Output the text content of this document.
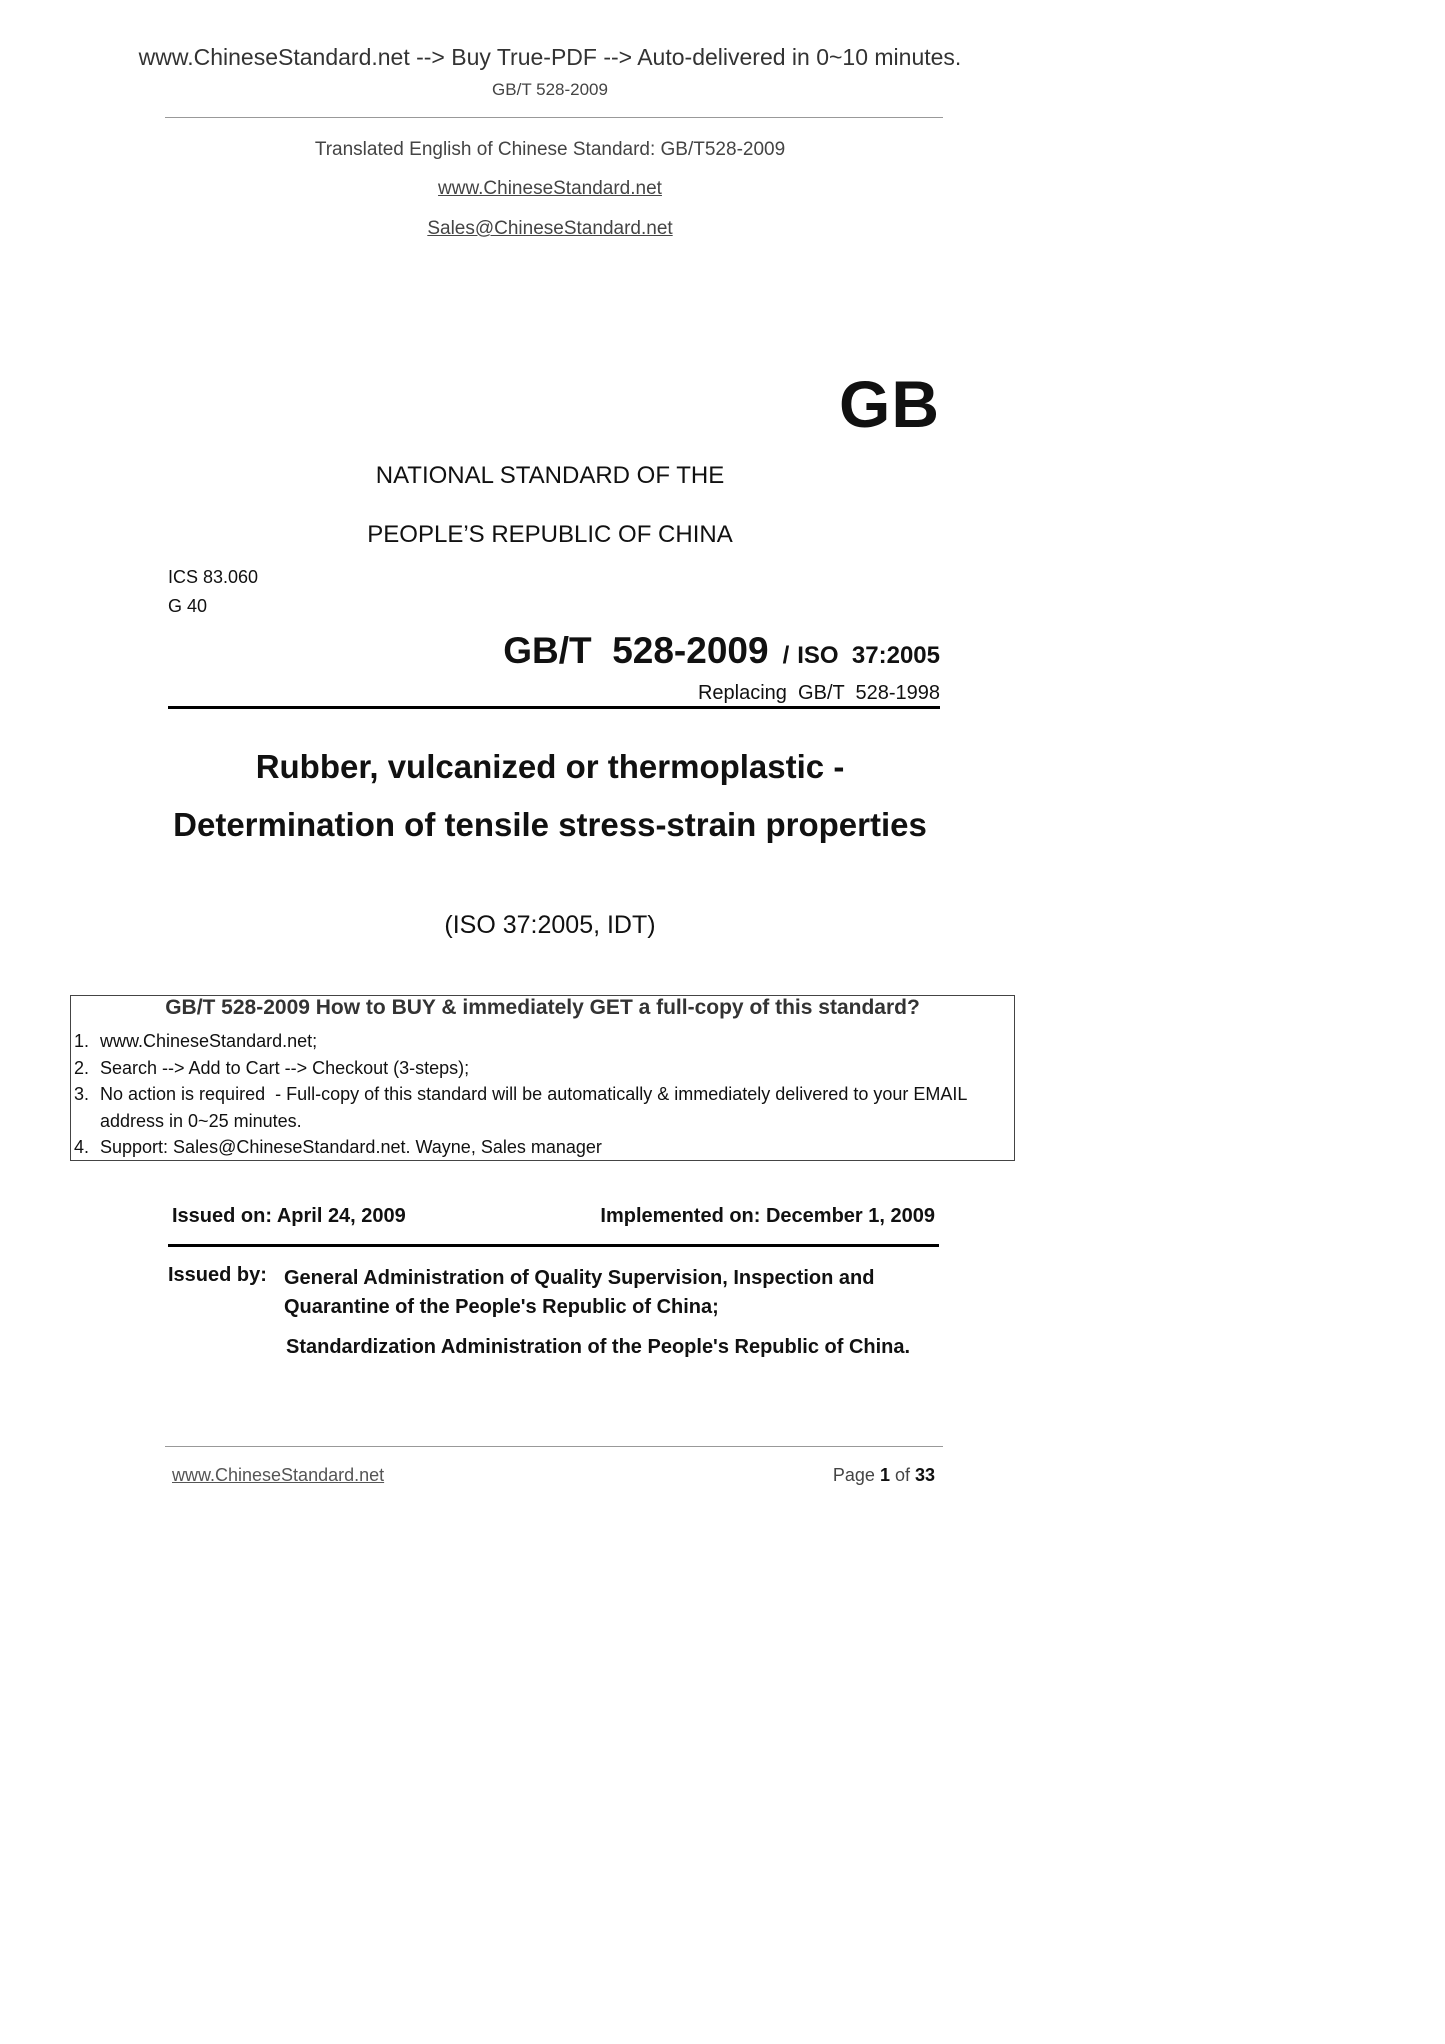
www.ChineseStandard.net --> Buy True-PDF --> Auto-delivered in 0~10 minutes.
GB/T 528-2009
Translated English of Chinese Standard: GB/T528-2009
www.ChineseStandard.net
Sales@ChineseStandard.net
GB
NATIONAL STANDARD OF THE
PEOPLE’S REPUBLIC OF CHINA
ICS 83.060
G 40
GB/T  528-2009 / ISO  37:2005
Replacing  GB/T  528-1998
Rubber, vulcanized or thermoplastic -
Determination of tensile stress-strain properties
(ISO 37:2005, IDT)
GB/T 528-2009 How to BUY & immediately GET a full-copy of this standard?
1. www.ChineseStandard.net;
2. Search --> Add to Cart --> Checkout (3-steps);
3. No action is required  - Full-copy of this standard will be automatically & immediately delivered to your EMAIL address in 0~25 minutes.
4. Support: Sales@ChineseStandard.net. Wayne, Sales manager
Issued on: April 24, 2009	Implemented on: December 1, 2009
Issued by: General Administration of Quality Supervision, Inspection and Quarantine of the People's Republic of China;
Standardization Administration of the People's Republic of China.
www.ChineseStandard.net	Page 1 of 33
